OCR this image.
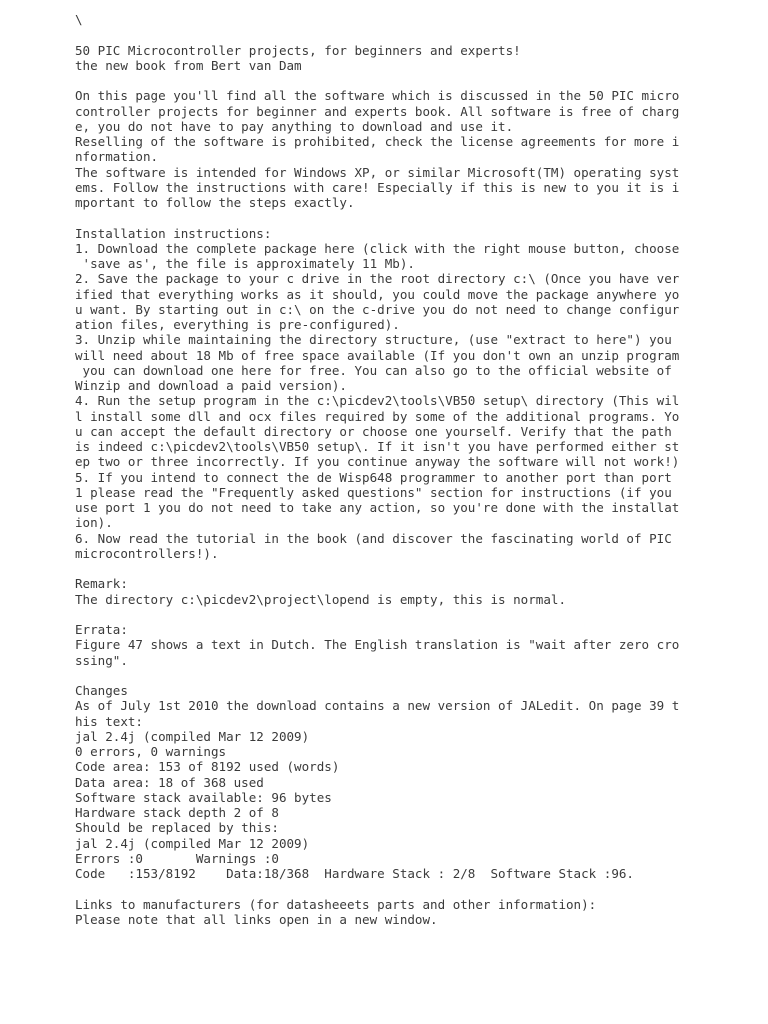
\
50 PIC Microcontroller projects, for beginners and experts!
the new book from Bert van Dam
On this page you'll find all the software which is discussed in the 50 PIC micro
controller projects for beginner and experts book. All software is free of charg
e, you do not have to pay anything to download and use it.
Reselling of the software is prohibited, check the license agreements for more i
nformation.
The software is intended for Windows XP, or similar Microsoft(TM) operating syst
ems. Follow the instructions with care! Especially if this is new to you it is i
mportant to follow the steps exactly.
Installation instructions:
1. Download the complete package here (click with the right mouse button, choose
'save as', the file is approximately 11 Mb).
2. Save the package to your c drive in the root directory c:\ (Once you have ver
ified that everything works as it should, you could move the package anywhere yo
u want. By starting out in c:\ on the c-drive you do not need to change configur
ation files, everything is pre-configured).
3. Unzip while maintaining the directory structure, (use "extract to here") you
will need about 18 Mb of free space available (If you don't own an unzip program
you can download one here for free. You can also go to the official website of
Winzip and download a paid version).
4. Run the setup program in the c:\picdev2\tools\VB50 setup\ directory (This wil
l install some dll and ocx files required by some of the additional programs. Yo
u can accept the default directory or choose one yourself. Verify that the path
is indeed c:\picdev2\tools\VB50 setup\. If it isn't you have performed either st
ep two or three incorrectly. If you continue anyway the software will not work!)
5. If you intend to connect the de Wisp648 programmer to another port than port
1 please read the "Frequently asked questions" section for instructions (if you
use port 1 you do not need to take any action, so you're done with the installat
ion).
6. Now read the tutorial in the book (and discover the fascinating world of PIC
microcontrollers!).
Remark:
The directory c:\picdev2\project\lopend is empty, this is normal.
Errata:
Figure 47 shows a text in Dutch. The English translation is "wait after zero cro
ssing".
Changes
As of July 1st 2010 the download contains a new version of JALedit. On page 39 t
his text:
jal 2.4j (compiled Mar 12 2009)
0 errors, 0 warnings
Code area: 153 of 8192 used (words)
Data area: 18 of 368 used
Software stack available: 96 bytes
Hardware stack depth 2 of 8
Should be replaced by this:
jal 2.4j (compiled Mar 12 2009)
Errors :0       Warnings :0
Code   :153/8192    Data:18/368  Hardware Stack : 2/8  Software Stack :96.
Links to manufacturers (for datasheeets parts and other information):
Please note that all links open in a new window.
